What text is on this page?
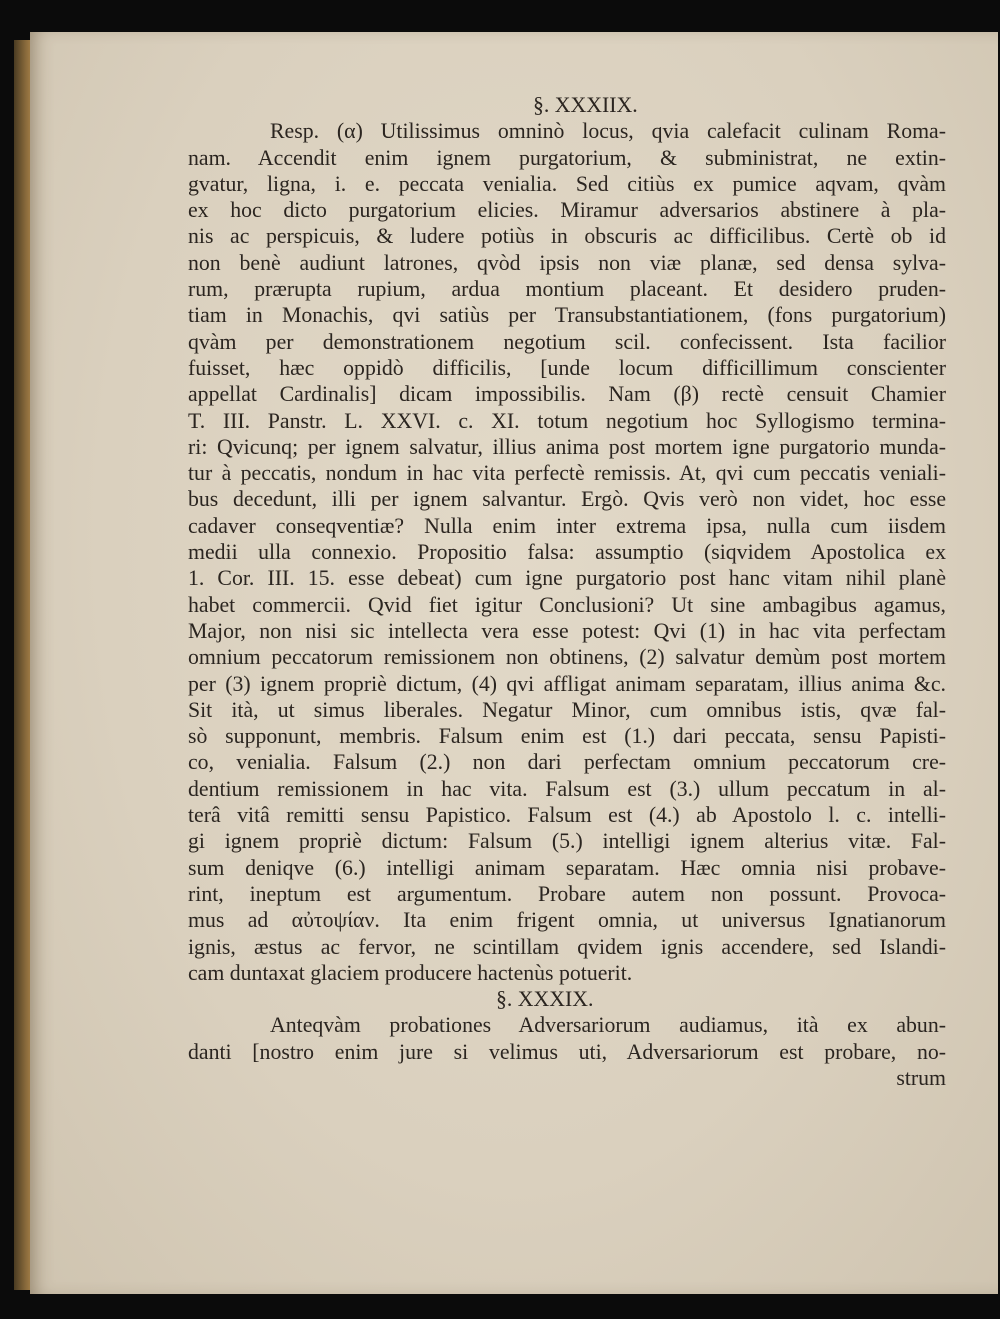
§. XXXIIX.
Resp. (α) Utilissimus omninò locus, qvia calefacit culinam Roma-
nam. Accendit enim ignem purgatorium, & subministrat, ne extin-
gvatur, ligna, i. e. peccata venialia. Sed citiùs ex pumice aqvam, qvàm
ex hoc dicto purgatorium elicies. Miramur adversarios abstinere à pla-
nis ac perspicuis, & ludere potiùs in obscuris ac difficilibus. Certè ob id
non benè audiunt latrones, qvòd ipsis non viæ planæ, sed densa sylva-
rum, prærupta rupium, ardua montium placeant. Et desidero pruden-
tiam in Monachis, qvi satiùs per Transubstantiationem, (fons purgatorium)
qvàm per demonstrationem negotium scil. confecissent. Ista facilior
fuisset, hæc oppidò difficilis, [unde locum difficillimum conscienter
appellat Cardinalis] dicam impossibilis. Nam (β) rectè censuit Chamier
T. III. Panstr. L. XXVI. c. XI. totum negotium hoc Syllogismo termina-
ri: Qvicunq; per ignem salvatur, illius anima post mortem igne purgatorio munda-
tur à peccatis, nondum in hac vita perfectè remissis. At, qvi cum peccatis veniali-
bus decedunt, illi per ignem salvantur. Ergò. Qvis verò non videt, hoc esse
cadaver conseqventiæ? Nulla enim inter extrema ipsa, nulla cum iisdem
medii ulla connexio. Propositio falsa: assumptio (siqvidem Apostolica ex
1. Cor. III. 15. esse debeat) cum igne purgatorio post hanc vitam nihil planè
habet commercii. Qvid fiet igitur Conclusioni? Ut sine ambagibus agamus,
Major, non nisi sic intellecta vera esse potest: Qvi (1) in hac vita perfectam
omnium peccatorum remissionem non obtinens, (2) salvatur demùm post mortem
per (3) ignem propriè dictum, (4) qvi affligat animam separatam, illius anima &c.
Sit ità, ut simus liberales. Negatur Minor, cum omnibus istis, qvæ fal-
sò supponunt, membris. Falsum enim est (1.) dari peccata, sensu Papisti-
co, venialia. Falsum (2.) non dari perfectam omnium peccatorum cre-
dentium remissionem in hac vita. Falsum est (3.) ullum peccatum in al-
terâ vitâ remitti sensu Papistico. Falsum est (4.) ab Apostolo l. c. intelli-
gi ignem propriè dictum: Falsum (5.) intelligi ignem alterius vitæ. Fal-
sum deniqve (6.) intelligi animam separatam. Hæc omnia nisi probave-
rint, ineptum est argumentum. Probare autem non possunt. Provoca-
mus ad αὐτοψίαν. Ita enim frigent omnia, ut universus Ignatianorum
ignis, æstus ac fervor, ne scintillam qvidem ignis accendere, sed Islandi-
cam duntaxat glaciem producere hactenùs potuerit.
§. XXXIX.
Anteqvàm probationes Adversariorum audiamus, ità ex abun-
danti [nostro enim jure si velimus uti, Adversariorum est probare, no-
strum
